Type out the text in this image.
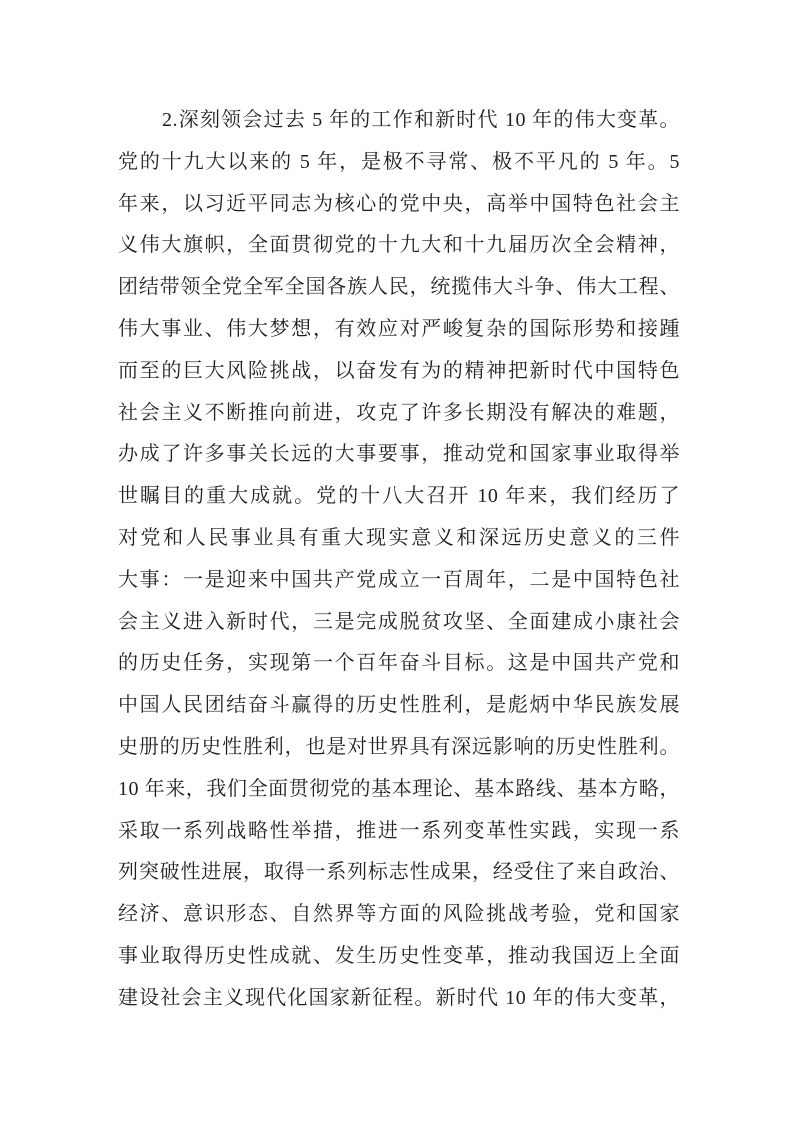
2.深刻领会过去 5 年的工作和新时代 10 年的伟大变革。
党的十九大以来的 5 年，是极不寻常、极不平凡的 5 年。5
年来，以习近平同志为核心的党中央，高举中国特色社会主
义伟大旗帜，全面贯彻党的十九大和十九届历次全会精神，
团结带领全党全军全国各族人民，统揽伟大斗争、伟大工程、
伟大事业、伟大梦想，有效应对严峻复杂的国际形势和接踵
而至的巨大风险挑战，以奋发有为的精神把新时代中国特色
社会主义不断推向前进，攻克了许多长期没有解决的难题，
办成了许多事关长远的大事要事，推动党和国家事业取得举
世瞩目的重大成就。党的十八大召开 10 年来，我们经历了
对党和人民事业具有重大现实意义和深远历史意义的三件
大事：一是迎来中国共产党成立一百周年，二是中国特色社
会主义进入新时代，三是完成脱贫攻坚、全面建成小康社会
的历史任务，实现第一个百年奋斗目标。这是中国共产党和
中国人民团结奋斗赢得的历史性胜利，是彪炳中华民族发展
史册的历史性胜利，也是对世界具有深远影响的历史性胜利。
10 年来，我们全面贯彻党的基本理论、基本路线、基本方略，
采取一系列战略性举措，推进一系列变革性实践，实现一系
列突破性进展，取得一系列标志性成果，经受住了来自政治、
经济、意识形态、自然界等方面的风险挑战考验，党和国家
事业取得历史性成就、发生历史性变革，推动我国迈上全面
建设社会主义现代化国家新征程。新时代 10 年的伟大变革，
